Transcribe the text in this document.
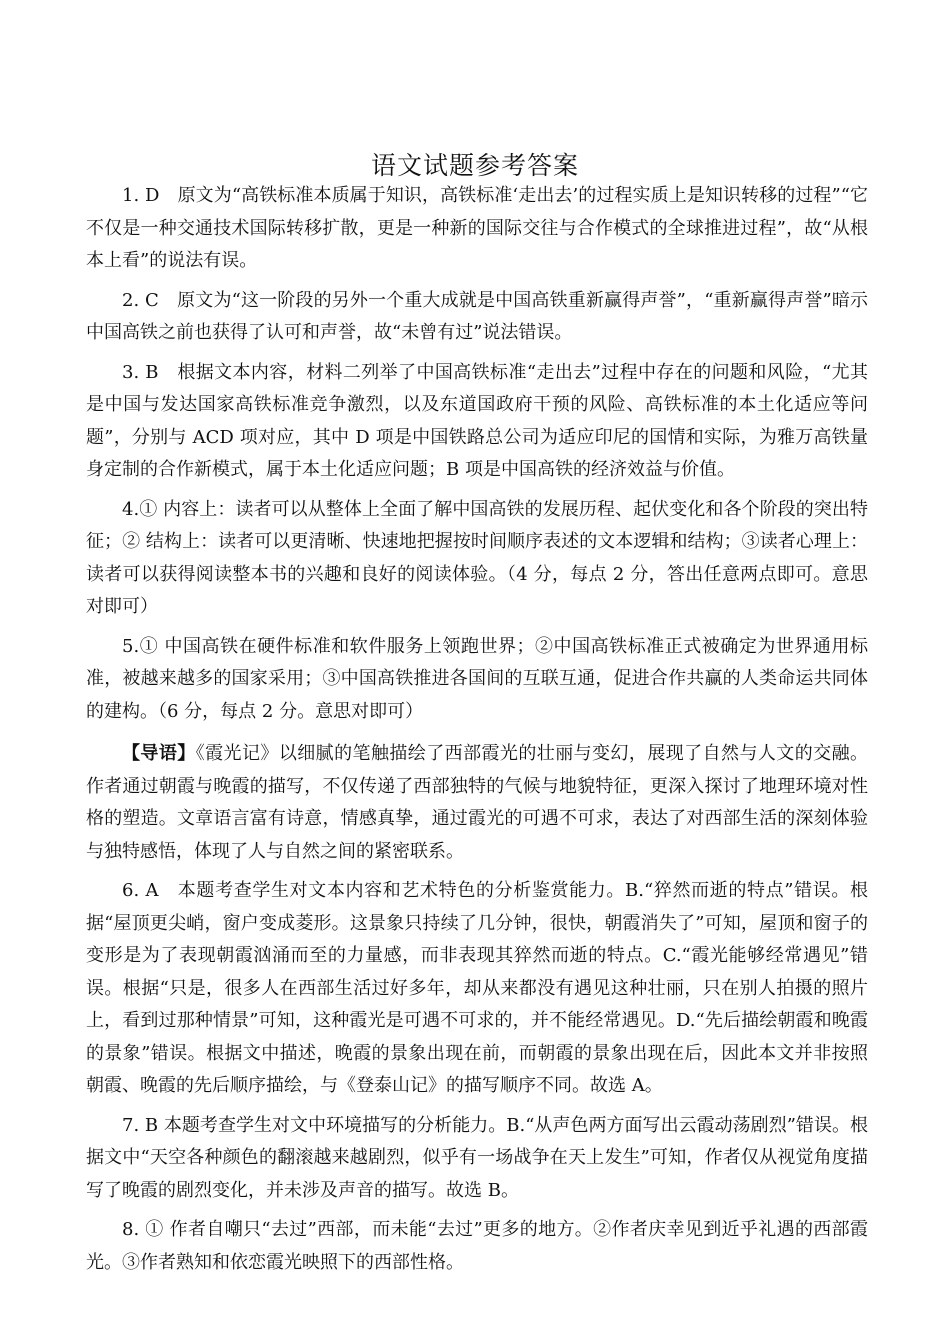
语文试题参考答案

1. D　原文为“高铁标准本质属于知识，高铁标准‘走出去’的过程实质上是知识转移的过程”“它不仅是一种交通技术国际转移扩散，更是一种新的国际交往与合作模式的全球推进过程”，故“从根本上看”的说法有误。

2. C　原文为“这一阶段的另外一个重大成就是中国高铁重新赢得声誉”，“重新赢得声誉”暗示中国高铁之前也获得了认可和声誉，故“未曾有过”说法错误。

3. B　根据文本内容，材料二列举了中国高铁标准“走出去”过程中存在的问题和风险，“尤其是中国与发达国家高铁标准竞争激烈，以及东道国政府干预的风险、高铁标准的本土化适应等问题”，分别与 ACD 项对应，其中 D 项是中国铁路总公司为适应印尼的国情和实际，为雅万高铁量身定制的合作新模式，属于本土化适应问题；B 项是中国高铁的经济效益与价值。

4.① 内容上：读者可以从整体上全面了解中国高铁的发展历程、起伏变化和各个阶段的突出特征；② 结构上：读者可以更清晰、快速地把握按时间顺序表述的文本逻辑和结构；③读者心理上：读者可以获得阅读整本书的兴趣和良好的阅读体验。（4 分，每点 2 分，答出任意两点即可。意思对即可）

5.① 中国高铁在硬件标准和软件服务上领跑世界；②中国高铁标准正式被确定为世界通用标准，被越来越多的国家采用；③中国高铁推进各国间的互联互通，促进合作共赢的人类命运共同体的建构。（6 分，每点 2 分。意思对即可）

【导语】《霞光记》以细腻的笔触描绘了西部霞光的壮丽与变幻，展现了自然与人文的交融。作者通过朝霞与晚霞的描写，不仅传递了西部独特的气候与地貌特征，更深入探讨了地理环境对性格的塑造。文章语言富有诗意，情感真挚，通过霞光的可遇不可求，表达了对西部生活的深刻体验与独特感悟，体现了人与自然之间的紧密联系。

6. A　本题考查学生对文本内容和艺术特色的分析鉴赏能力。B.“猝然而逝的特点”错误。根据“屋顶更尖峭，窗户变成菱形。这景象只持续了几分钟，很快，朝霞消失了”可知，屋顶和窗子的变形是为了表现朝霞汹涌而至的力量感，而非表现其猝然而逝的特点。C.“霞光能够经常遇见”错误。根据“只是，很多人在西部生活过好多年，却从来都没有遇见这种壮丽，只在别人拍摄的照片上，看到过那种情景”可知，这种霞光是可遇不可求的，并不能经常遇见。D.“先后描绘朝霞和晚霞的景象”错误。根据文中描述，晚霞的景象出现在前，而朝霞的景象出现在后，因此本文并非按照朝霞、晚霞的先后顺序描绘，与《登泰山记》的描写顺序不同。故选 A。

7. B 本题考查学生对文中环境描写的分析能力。B.“从声色两方面写出云霞动荡剧烈”错误。根据文中“天空各种颜色的翻滚越来越剧烈，似乎有一场战争在天上发生”可知，作者仅从视觉角度描写了晚霞的剧烈变化，并未涉及声音的描写。故选 B。

8. ① 作者自嘲只“去过”西部，而未能“去过”更多的地方。②作者庆幸见到近乎礼遇的西部霞光。③作者熟知和依恋霞光映照下的西部性格。
